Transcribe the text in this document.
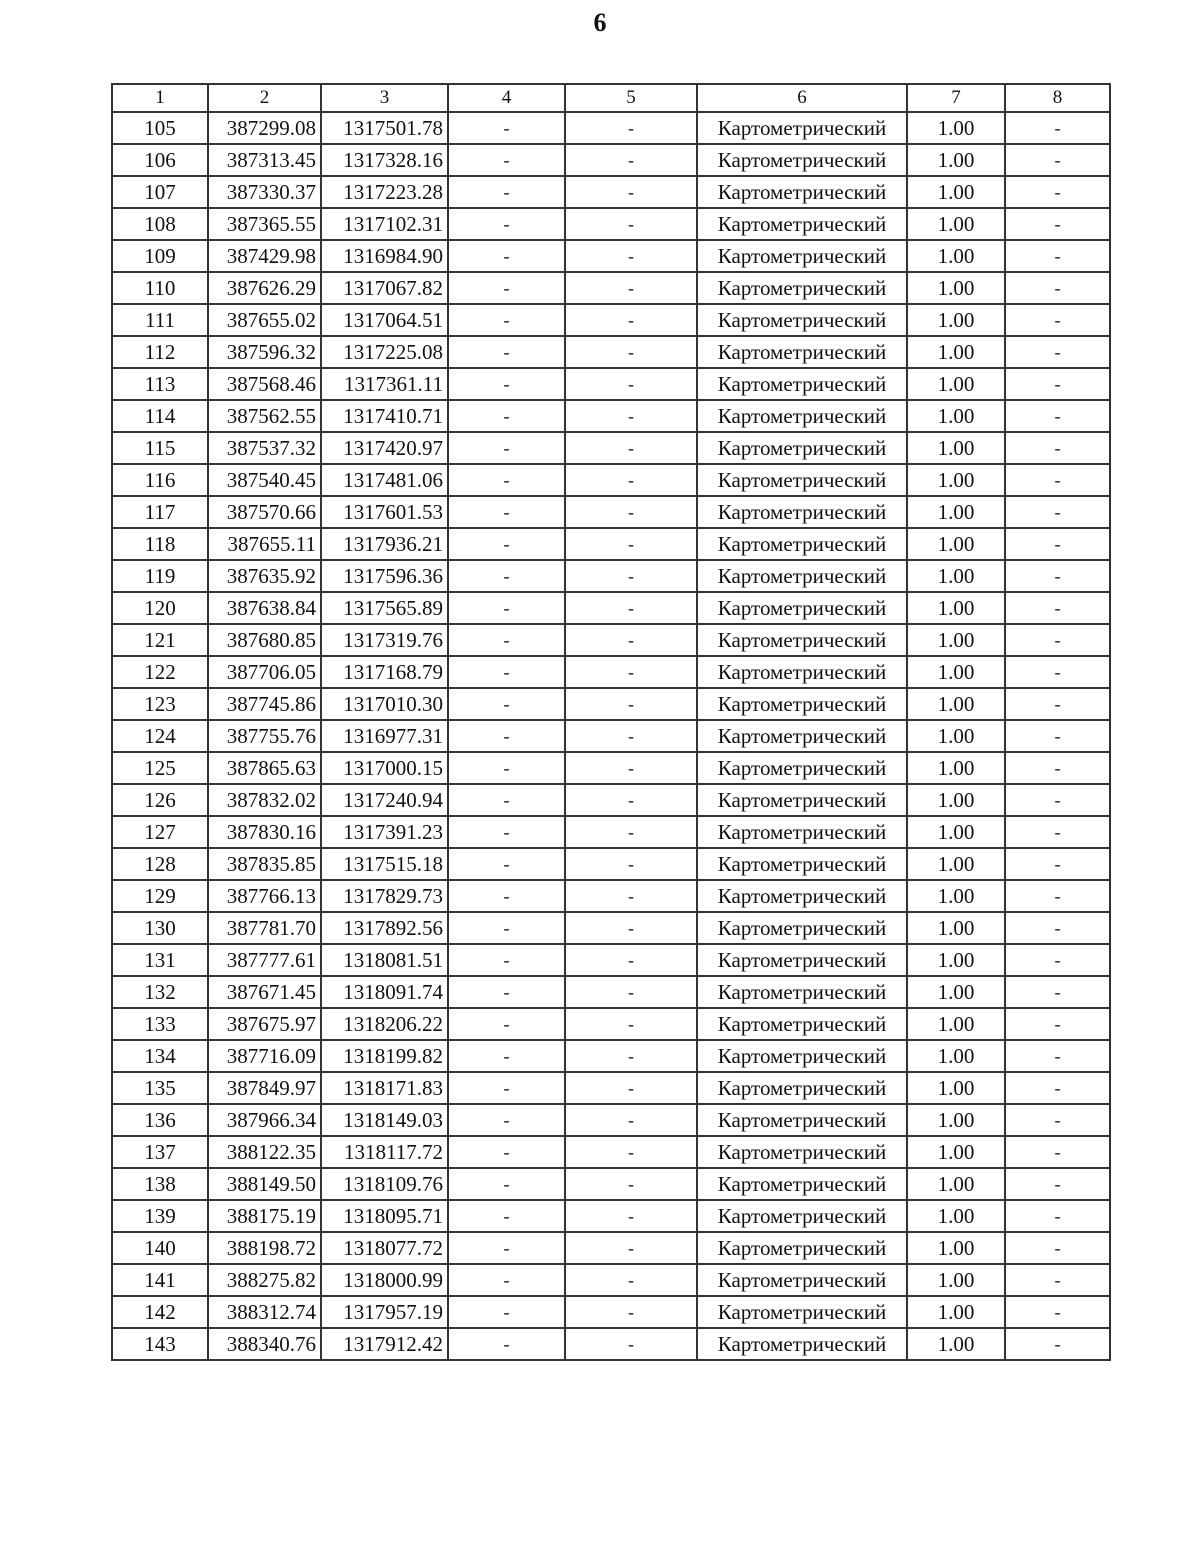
6
1	2	3	4	5	6	7	8
105	387299.08	1317501.78	-	-	Картометрический	1.00	-
106	387313.45	1317328.16	-	-	Картометрический	1.00	-
107	387330.37	1317223.28	-	-	Картометрический	1.00	-
108	387365.55	1317102.31	-	-	Картометрический	1.00	-
109	387429.98	1316984.90	-	-	Картометрический	1.00	-
110	387626.29	1317067.82	-	-	Картометрический	1.00	-
111	387655.02	1317064.51	-	-	Картометрический	1.00	-
112	387596.32	1317225.08	-	-	Картометрический	1.00	-
113	387568.46	1317361.11	-	-	Картометрический	1.00	-
114	387562.55	1317410.71	-	-	Картометрический	1.00	-
115	387537.32	1317420.97	-	-	Картометрический	1.00	-
116	387540.45	1317481.06	-	-	Картометрический	1.00	-
117	387570.66	1317601.53	-	-	Картометрический	1.00	-
118	387655.11	1317936.21	-	-	Картометрический	1.00	-
119	387635.92	1317596.36	-	-	Картометрический	1.00	-
120	387638.84	1317565.89	-	-	Картометрический	1.00	-
121	387680.85	1317319.76	-	-	Картометрический	1.00	-
122	387706.05	1317168.79	-	-	Картометрический	1.00	-
123	387745.86	1317010.30	-	-	Картометрический	1.00	-
124	387755.76	1316977.31	-	-	Картометрический	1.00	-
125	387865.63	1317000.15	-	-	Картометрический	1.00	-
126	387832.02	1317240.94	-	-	Картометрический	1.00	-
127	387830.16	1317391.23	-	-	Картометрический	1.00	-
128	387835.85	1317515.18	-	-	Картометрический	1.00	-
129	387766.13	1317829.73	-	-	Картометрический	1.00	-
130	387781.70	1317892.56	-	-	Картометрический	1.00	-
131	387777.61	1318081.51	-	-	Картометрический	1.00	-
132	387671.45	1318091.74	-	-	Картометрический	1.00	-
133	387675.97	1318206.22	-	-	Картометрический	1.00	-
134	387716.09	1318199.82	-	-	Картометрический	1.00	-
135	387849.97	1318171.83	-	-	Картометрический	1.00	-
136	387966.34	1318149.03	-	-	Картометрический	1.00	-
137	388122.35	1318117.72	-	-	Картометрический	1.00	-
138	388149.50	1318109.76	-	-	Картометрический	1.00	-
139	388175.19	1318095.71	-	-	Картометрический	1.00	-
140	388198.72	1318077.72	-	-	Картометрический	1.00	-
141	388275.82	1318000.99	-	-	Картометрический	1.00	-
142	388312.74	1317957.19	-	-	Картометрический	1.00	-
143	388340.76	1317912.42	-	-	Картометрический	1.00	-
